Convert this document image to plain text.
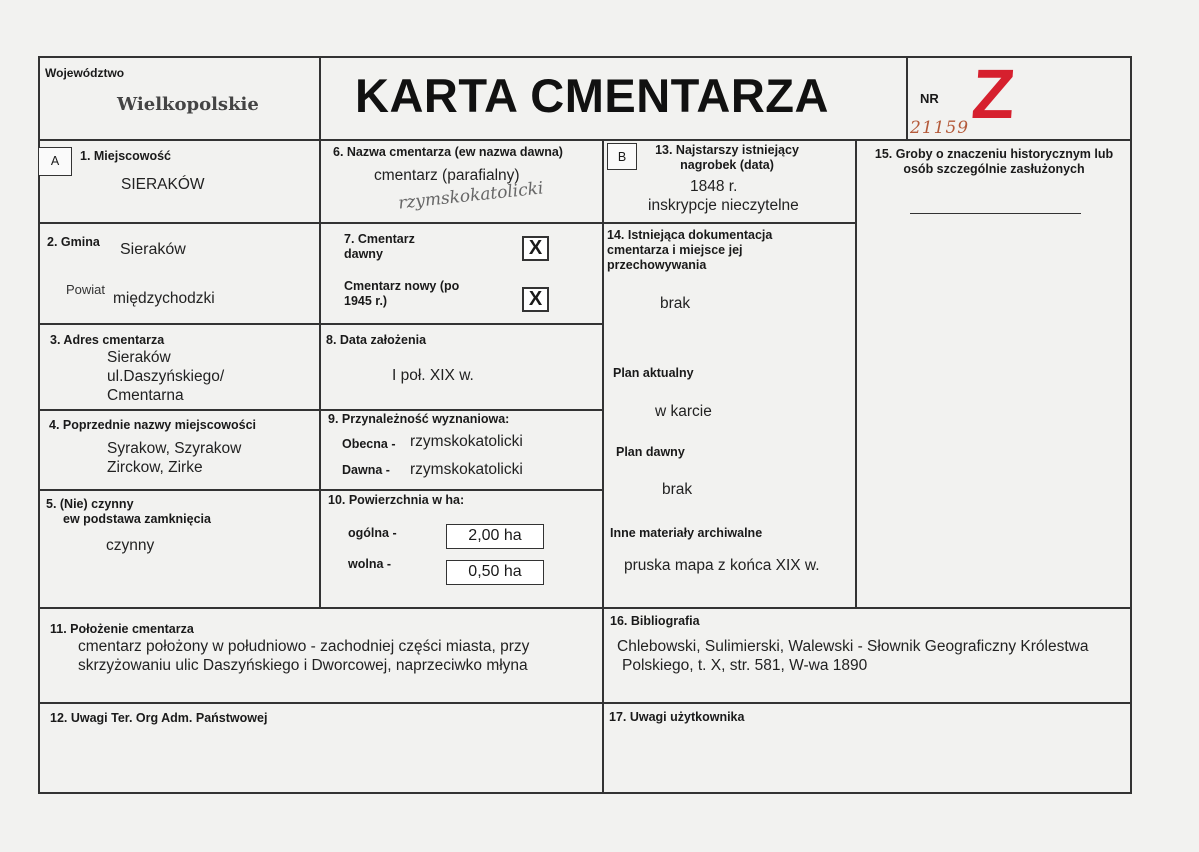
Województwo
Wielkopolskie KARTA CMENTARZA	NR Z
21159
A	1. Miejscowość
SIERAKÓW
6. Nazwa cmentarza (ew nazwa dawna)
cmentarz (parafialny)
rzymskokatolicki
B	13. Najstarszy istniejący nagrobek (data)
1848 r.
inskrypcje nieczytelne
15. Groby o znaczeniu historycznym lub osób szczególnie zasłużonych
2. Gmina Sieraków
Powiat
międzychodzki
7. Cmentarz dawny	X
Cmentarz nowy (po 1945 r.)	X
14. Istniejąca dokumentacja cmentarza i miejsce jej przechowywania
brak
Plan aktualny
w karcie
Plan dawny
brak
Inne materiały archiwalne
pruska mapa z końca XIX w.
3. Adres cmentarza
Sieraków
ul.Daszyńskiego/
Cmentarna
8. Data założenia
I poł. XIX w.
4. Poprzednie nazwy miejscowości
Syrakow, Szyrakow
Zirckow, Zirke
9. Przynależność wyznaniowa:
Obecna - rzymskokatolicki
Dawna - rzymskokatolicki
5. (Nie) czynny
ew podstawa zamknięcia
czynny
10. Powierzchnia w ha:
ogólna -	2,00 ha
wolna -	0,50 ha
11. Położenie cmentarza
cmentarz położony w południowo - zachodniej części miasta, przy
skrzyżowaniu ulic Daszyńskiego i Dworcowej, naprzeciwko młyna
16. Bibliografia
Chlebowski, Sulimierski, Walewski - Słownik Geograficzny Królestwa
Polskiego, t. X, str. 581, W-wa 1890
12. Uwagi Ter. Org Adm. Państwowej	17. Uwagi użytkownika
